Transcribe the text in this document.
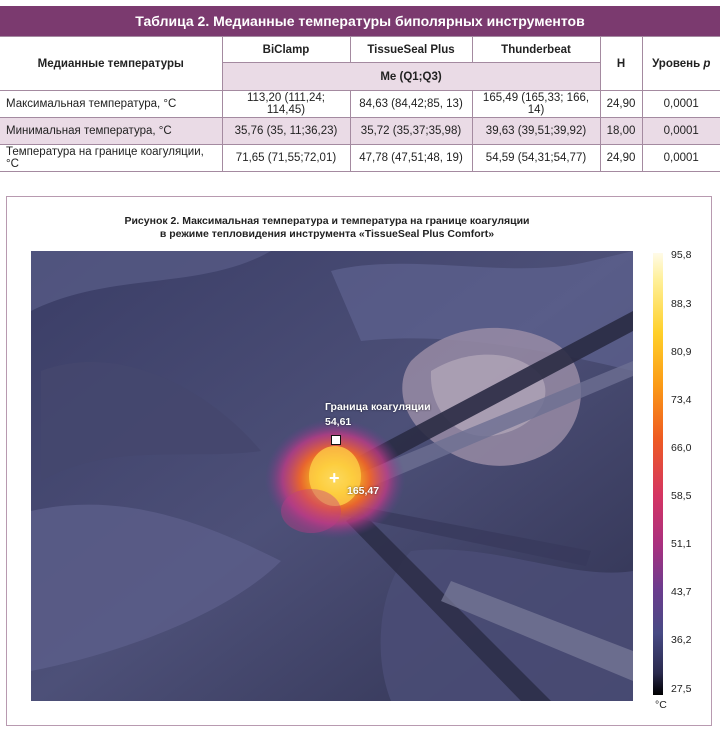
Таблица 2. Медианные температуры биполярных инструментов
Медианные температуры	BiClamp	TissueSeal Plus	Thunderbeat	H	Уровень p
	Me (Q1;Q3)				
Максимальная температура, °C	113,20 (111,24; 114,45)	84,63 (84,42;85, 13)	165,49 (165,33; 166, 14)	24,90	0,0001
Минимальная температура, °C	35,76 (35, 11;36,23)	35,72 (35,37;35,98)	39,63 (39,51;39,92)	18,00	0,0001
Температура на границе коагуляции, °C	71,65 (71,55;72,01)	47,78 (47,51;48, 19)	54,59 (54,31;54,77)	24,90	0,0001
Рисунок 2. Максимальная температура и температура на границе коагуляции
в режиме тепловидения инструмента «TissueSeal Plus Comfort»
Граница коагуляции
54,61
+
165,47
95,8
88,3
80,9
73,4
66,0
58,5
51,1
43,7
36,2
27,5
°C
